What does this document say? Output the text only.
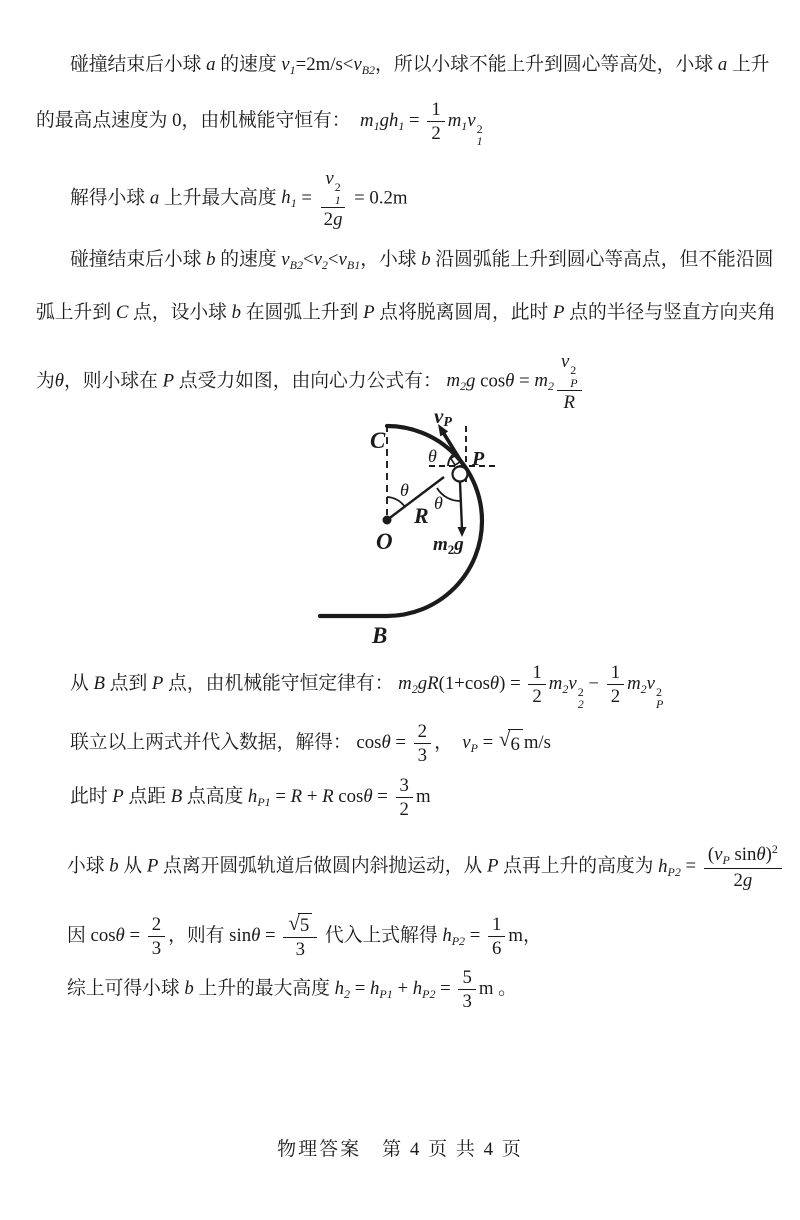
碰撞结束后小球 a 的速度 $v_1=2m/s<v_{B2}$，所以小球不能上升到圆心等高处，小球 a 上升
的最高点速度为 0，由机械能守恒有：  $m_1gh_1 = \frac{1}{2} m_1v$ 2
1
解得小球 a 上升最大高度 $h_1 = v$ 2
1
2g = 0.2m
碰撞结束后小球 b 的速度 $v_{B2}<v_2<v_{B1}$，小球 b 沿圆弧能上升到圆心等高点，但不能沿圆
弧上升到 C 点，设小球 b 在圆弧上升到 P 点将脱离圆周，此时 P 点的半径与竖直方向夹角
为θ，则小球在 P 点受力如图，由向心力公式有： $m_2g$ $\cos\theta = m_2$ v 2
P
R
从 B 点到 P 点，由机械能守恒定律有： $m_2gR(1+\cos\theta) = \frac{1}{2} m_2v$ 2
2
− $\frac{1}{2} m_2v$ 2
P
联立以上两式并代入数据，解得： $\cos\theta = \frac{2}{3}$ ，  $v_P$ = √ 6 m/s
此时 P 点距 B 点高度 $h_{P1} = R + R$ $\cos\theta = \frac{3}{2}$ m
小球 b 从 P 点离开圆弧轨道后做圆内斜抛运动，从 P 点再上升的高度为 $h_{P2} = \frac{(v_P \sin\theta)^2}{2g}$
因 $\cos\theta = \frac{2}{3}$ ，则有 $\sin\theta = \frac{√ 5}{3}$ 代入上式解得 $h_{P2} = \frac{1}{6}$ m，
综上可得小球 b 上升的最大高度 $h_2 = h_{P1} + h_{P2} = \frac{5}{3}$ m 。
vP
C
P
O
R
B
θ
θ
θ
$m_2g$
物理答案　第 4 页 共 4 页
